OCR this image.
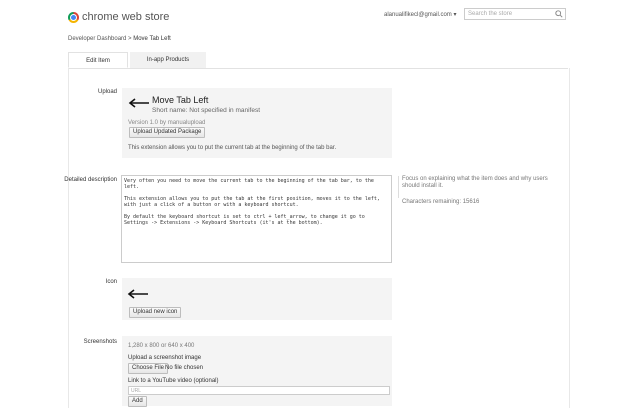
chrome web store	alanualifikecl@gmail.com ▾ Search the store
Developer Dashboard > Move Tab Left
Edit Item	In-app Products
Upload
Move Tab Left
Short name: Not specified in manifest
Version 1.0 by manualupload
Upload Updated Package
This extension allows you to put the current tab at the beginning of the tab bar.
Detailed description
Very often you need to move the current tab to the beginning of the tab bar, to the left. This extension allows you to put the tab at the first position, moves it to the left, with just a click of a button or with a keyboard shortcut. By default the keyboard shortcut is set to ctrl + left_arrow, to change it go to Settings -> Extensions -> Keyboard Shortcuts (it's at the bottom).	Focus on explaining what the item does and why users should install it.
Characters remaining: 15616
Icon
Upload new icon
Screenshots
1,280 x 800 or 640 x 400
Upload a screenshot image
Choose File No file chosen
Link to a YouTube video (optional)
URL
Add
